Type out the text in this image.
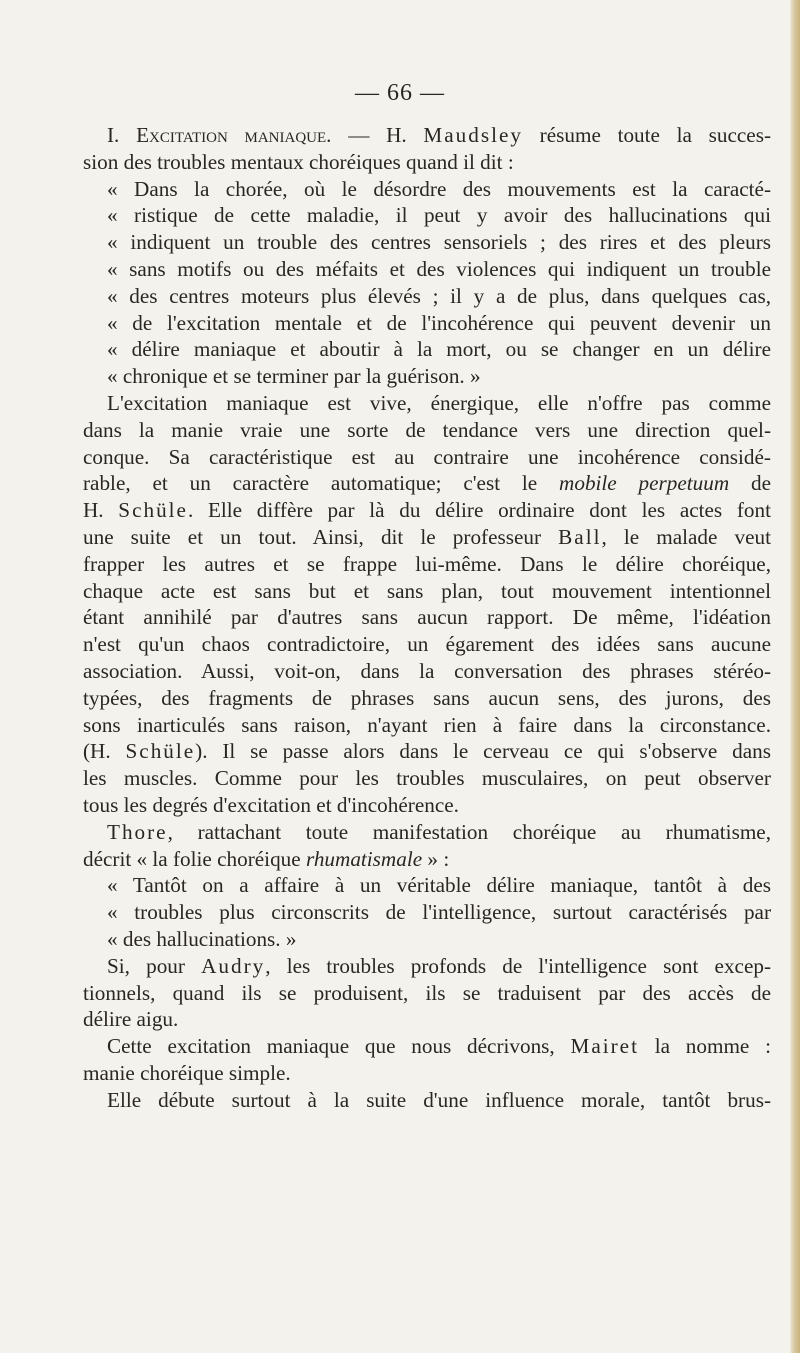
— 66 —
I. Excitation maniaque. — H. Maudsley résume toute la succes-
sion des troubles mentaux choréiques quand il dit :
« Dans la chorée, où le désordre des mouvements est la caracté-
« ristique de cette maladie, il peut y avoir des hallucinations qui
« indiquent un trouble des centres sensoriels ; des rires et des pleurs
« sans motifs ou des méfaits et des violences qui indiquent un trouble
« des centres moteurs plus élevés ; il y a de plus, dans quelques cas,
« de l'excitation mentale et de l'incohérence qui peuvent devenir un
« délire maniaque et aboutir à la mort, ou se changer en un délire
« chronique et se terminer par la guérison. »
L'excitation maniaque est vive, énergique, elle n'offre pas comme
dans la manie vraie une sorte de tendance vers une direction quel-
conque. Sa caractéristique est au contraire une incohérence considé-
rable, et un caractère automatique; c'est le mobile perpetuum de
H. Schüle. Elle diffère par là du délire ordinaire dont les actes font
une suite et un tout. Ainsi, dit le professeur Ball, le malade veut
frapper les autres et se frappe lui-même. Dans le délire choréique,
chaque acte est sans but et sans plan, tout mouvement intentionnel
étant annihilé par d'autres sans aucun rapport. De même, l'idéation
n'est qu'un chaos contradictoire, un égarement des idées sans aucune
association. Aussi, voit-on, dans la conversation des phrases stéréo-
typées, des fragments de phrases sans aucun sens, des jurons, des
sons inarticulés sans raison, n'ayant rien à faire dans la circonstance.
(H. Schüle). Il se passe alors dans le cerveau ce qui s'observe dans
les muscles. Comme pour les troubles musculaires, on peut observer
tous les degrés d'excitation et d'incohérence.
Thore, rattachant toute manifestation choréique au rhumatisme,
décrit « la folie choréique rhumatismale » :
« Tantôt on a affaire à un véritable délire maniaque, tantôt à des
« troubles plus circonscrits de l'intelligence, surtout caractérisés par
« des hallucinations. »
Si, pour Audry, les troubles profonds de l'intelligence sont excep-
tionnels, quand ils se produisent, ils se traduisent par des accès de
délire aigu.
Cette excitation maniaque que nous décrivons, Mairet la nomme :
manie choréique simple.
Elle débute surtout à la suite d'une influence morale, tantôt brus-
